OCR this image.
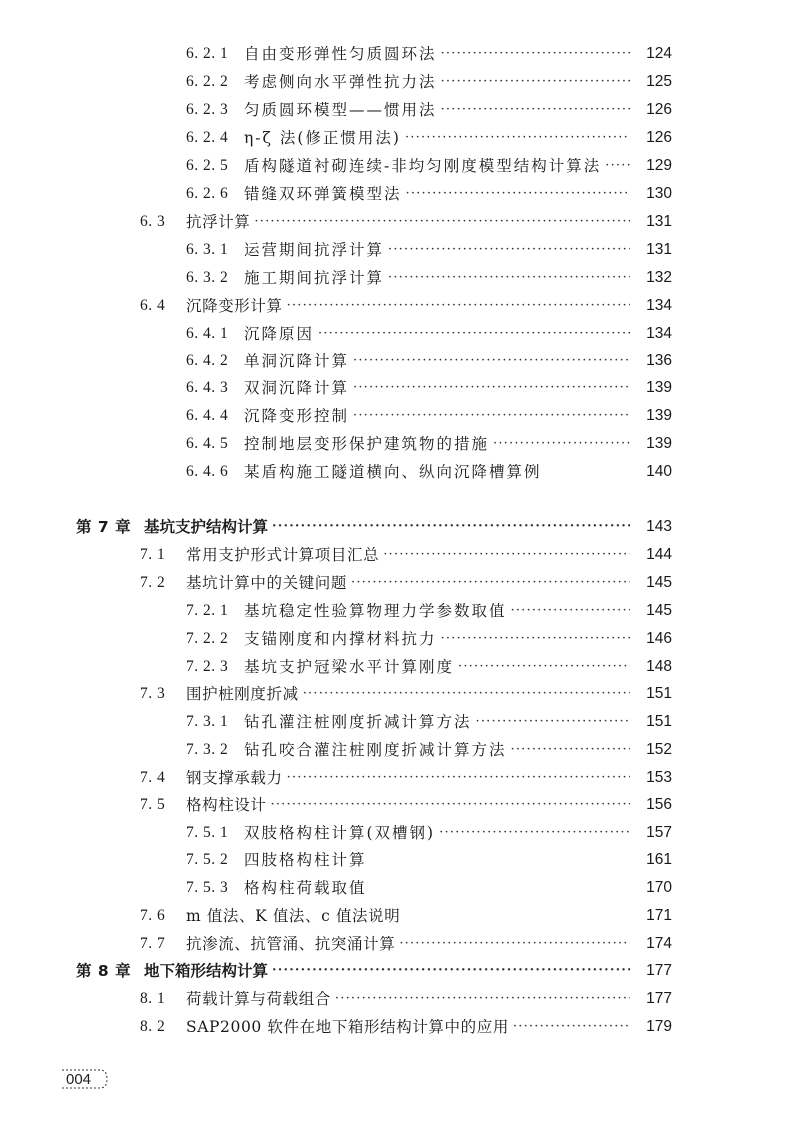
6. 2. 1	自由变形弹性匀质圆环法 ·····	124
6. 2. 2	考虑侧向水平弹性抗力法 ·····	125
6. 2. 3	匀质圆环模型——惯用法 ·····	126
6. 2. 4	η-ζ 法(修正惯用法) ·····	126
6. 2. 5	盾构隧道衬砌连续-非均匀刚度模型结构计算法 ·····	129
6. 2. 6	错缝双环弹簧模型法 ·····	130
6. 3	抗浮计算 ·····	131
6. 3. 1	运营期间抗浮计算 ·····	131
6. 3. 2	施工期间抗浮计算 ·····	132
6. 4	沉降变形计算 ·····	134
6. 4. 1	沉降原因 ·····	134
6. 4. 2	单洞沉降计算 ·····	136
6. 4. 3	双洞沉降计算 ·····	139
6. 4. 4	沉降变形控制 ·····	139
6. 4. 5	控制地层变形保护建筑物的措施 ·····	139
6. 4. 6	某盾构施工隧道横向、纵向沉降槽算例	140
第 7 章 基坑支护结构计算 ·····	143
7. 1	常用支护形式计算项目汇总 ·····	144
7. 2	基坑计算中的关键问题 ·····	145
7. 2. 1	基坑稳定性验算物理力学参数取值 ·····	145
7. 2. 2	支锚刚度和内撑材料抗力 ·····	146
7. 2. 3	基坑支护冠梁水平计算刚度 ·····	148
7. 3	围护桩刚度折减 ·····	151
7. 3. 1	钻孔灌注桩刚度折减计算方法 ·····	151
7. 3. 2	钻孔咬合灌注桩刚度折减计算方法 ·····	152
7. 4	钢支撑承载力 ·····	153
7. 5	格构柱设计 ·····	156
7. 5. 1	双肢格构柱计算(双槽钢) ·····	157
7. 5. 2	四肢格构柱计算	161
7. 5. 3	格构柱荷载取值	170
7. 6	m 值法、K 值法、c 值法说明	171
7. 7	抗渗流、抗管涌、抗突涌计算 ·····	174
第 8 章 地下箱形结构计算 ·····	177
8. 1	荷载计算与荷载组合 ·····	177
8. 2	SAP2000 软件在地下箱形结构计算中的应用 ·····	179
004
